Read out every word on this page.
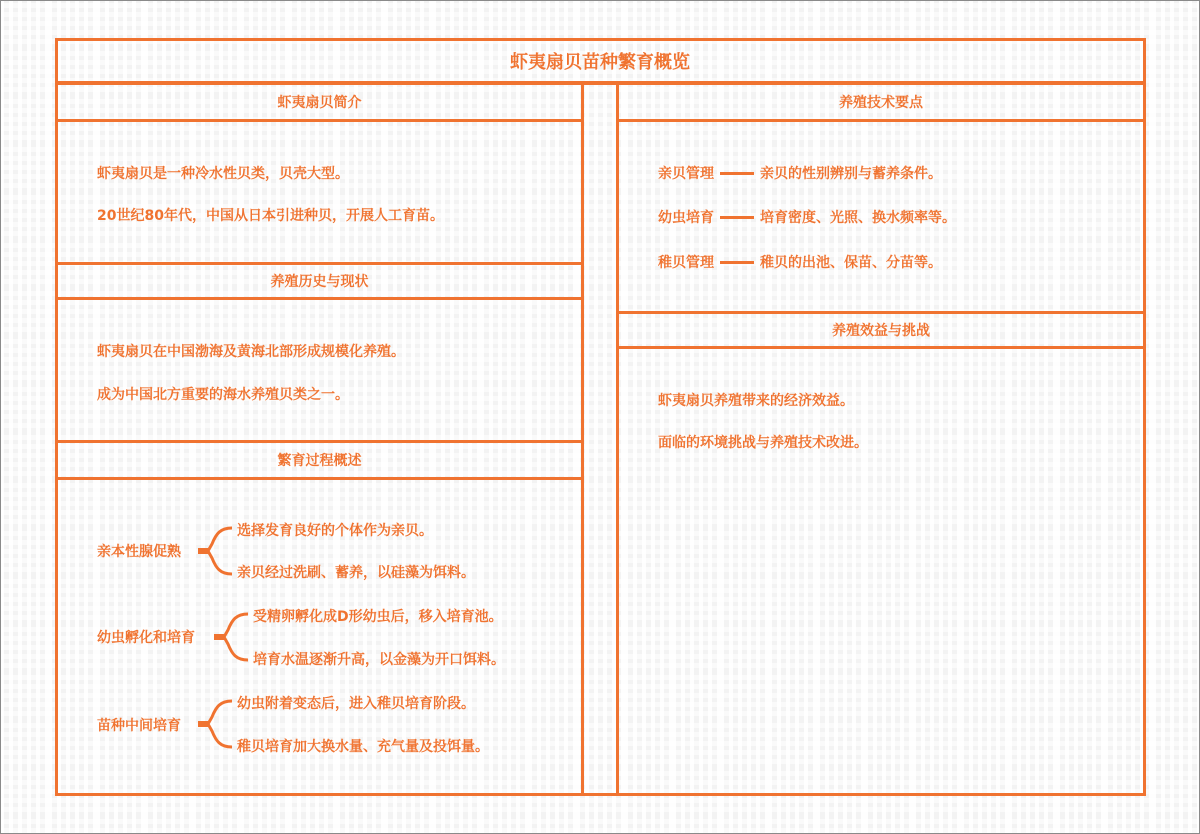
虾夷扇贝苗种繁育概览
虾夷扇贝简介
虾夷扇贝是一种冷水性贝类，贝壳大型。
20世纪80年代，中国从日本引进种贝，开展人工育苗。
养殖历史与现状
虾夷扇贝在中国渤海及黄海北部形成规模化养殖。
成为中国北方重要的海水养殖贝类之一。
繁育过程概述
亲本性腺促熟
选择发育良好的个体作为亲贝。
亲贝经过洗刷、蓄养，以硅藻为饵料。
幼虫孵化和培育
受精卵孵化成D形幼虫后，移入培育池。
培育水温逐渐升高，以金藻为开口饵料。
苗种中间培育
幼虫附着变态后，进入稚贝培育阶段。
稚贝培育加大换水量、充气量及投饵量。
养殖技术要点
亲贝管理	亲贝的性别辨别与蓄养条件。
幼虫培育	培育密度、光照、换水频率等。
稚贝管理	稚贝的出池、保苗、分苗等。
养殖效益与挑战
虾夷扇贝养殖带来的经济效益。
面临的环境挑战与养殖技术改进。
